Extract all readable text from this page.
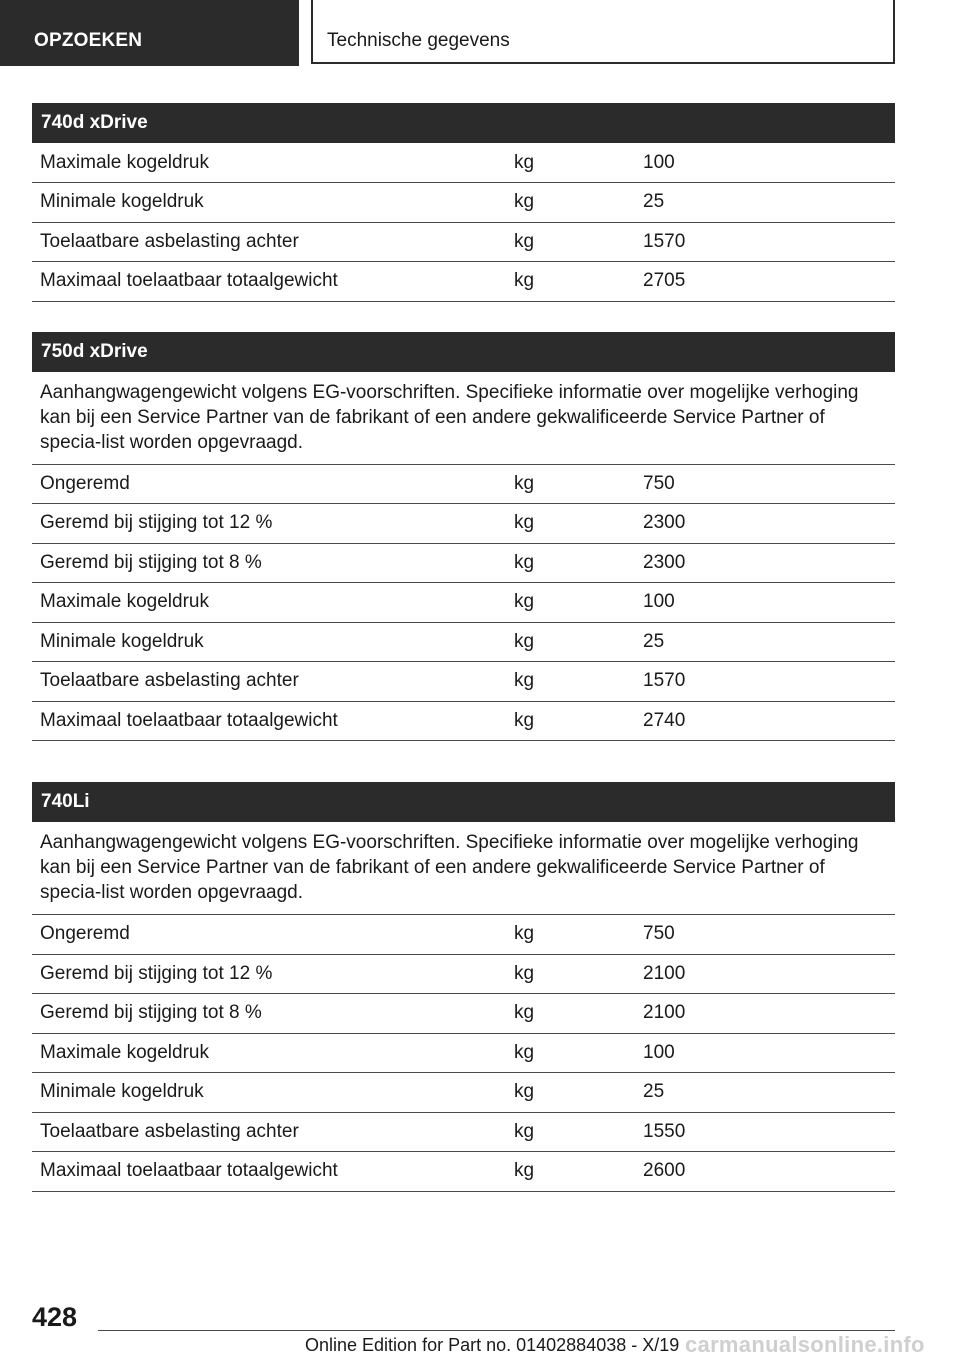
OPZOEKEN	Technische gegevens
740d xDrive		
Maximale kogeldruk	kg	100
Minimale kogeldruk	kg	25
Toelaatbare asbelasting achter	kg	1570
Maximaal toelaatbaar totaalgewicht	kg	2705
750d xDrive		
Aanhangwagengewicht volgens EG-voorschriften. Specifieke informatie over mogelijke verhoging kan bij een Service Partner van de fabrikant of een andere gekwalificeerde Service Partner of specia-list worden opgevraagd.		
Ongeremd	kg	750
Geremd bij stijging tot 12 %	kg	2300
Geremd bij stijging tot 8 %	kg	2300
Maximale kogeldruk	kg	100
Minimale kogeldruk	kg	25
Toelaatbare asbelasting achter	kg	1570
Maximaal toelaatbaar totaalgewicht	kg	2740
740Li		
Aanhangwagengewicht volgens EG-voorschriften. Specifieke informatie over mogelijke verhoging kan bij een Service Partner van de fabrikant of een andere gekwalificeerde Service Partner of specia-list worden opgevraagd.		
Ongeremd	kg	750
Geremd bij stijging tot 12 %	kg	2100
Geremd bij stijging tot 8 %	kg	2100
Maximale kogeldruk	kg	100
Minimale kogeldruk	kg	25
Toelaatbare asbelasting achter	kg	1550
Maximaal toelaatbaar totaalgewicht	kg	2600
428
Online Edition for Part no. 01402884038 - X/19 carmanualsonline.info
